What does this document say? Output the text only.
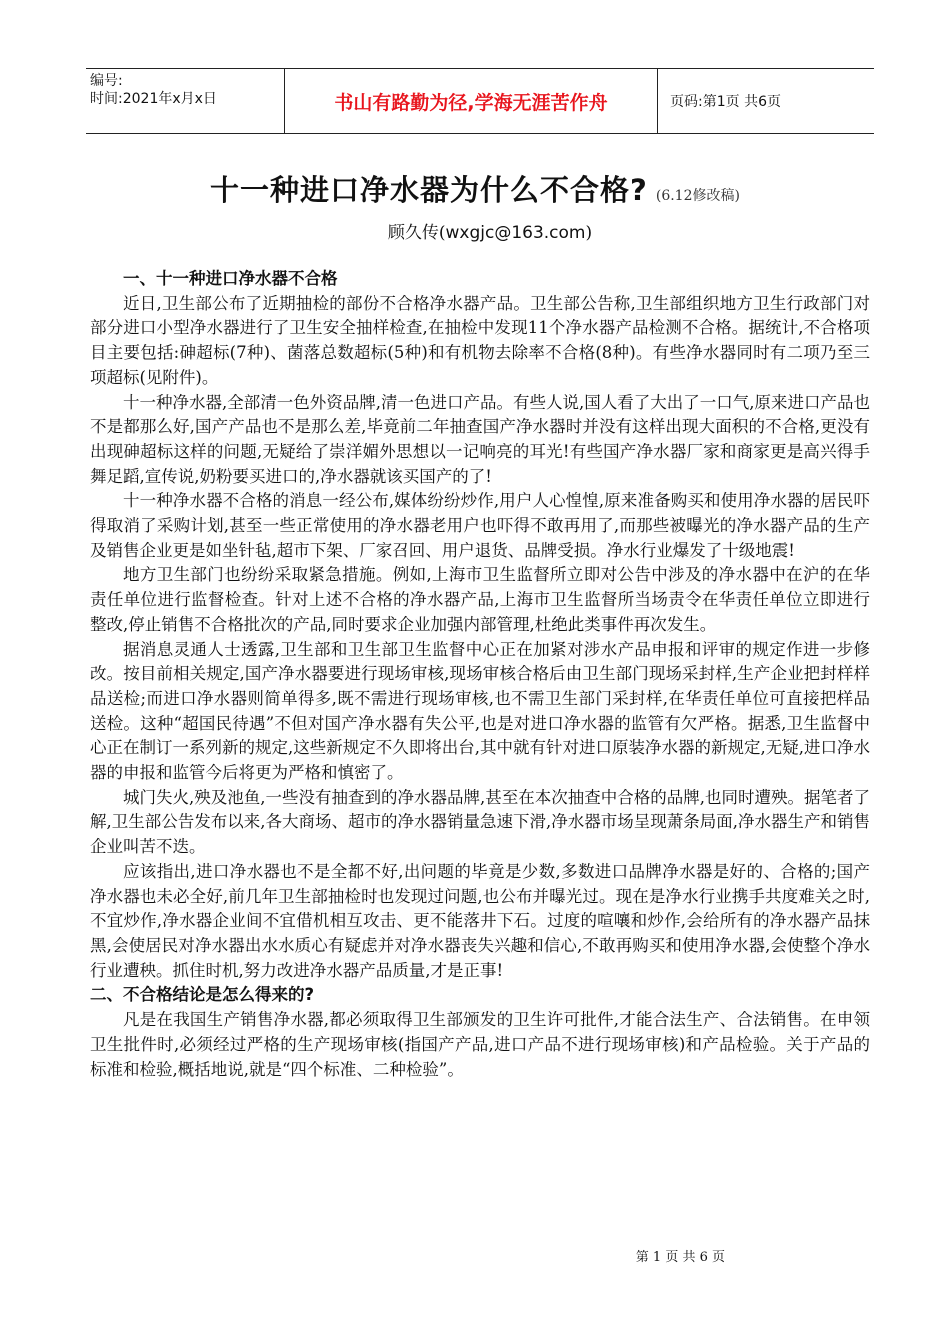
编号:
时间:2021年x月x日	书山有路勤为径,学海无涯苦作舟	页码:第1页 共6页
十一种进口净水器为什么不合格? (6.12修改稿)
顾久传(wxgjc@163.com)
一、十一种进口净水器不合格

近日,卫生部公布了近期抽检的部份不合格净水器产品。卫生部公告称,卫生部组织地方卫生行政部门对部分进口小型净水器进行了卫生安全抽样检查,在抽检中发现11个净水器产品检测不合格。据统计,不合格项目主要包括:砷超标(7种)、菌落总数超标(5种)和有机物去除率不合格(8种)。有些净水器同时有二项乃至三项超标(见附件)。

十一种净水器,全部清一色外资品牌,清一色进口产品。有些人说,国人看了大出了一口气,原来进口产品也不是都那么好,国产产品也不是那么差,毕竟前二年抽查国产净水器时并没有这样出现大面积的不合格,更没有出现砷超标这样的问题,无疑给了崇洋媚外思想以一记响亮的耳光!有些国产净水器厂家和商家更是高兴得手舞足蹈,宣传说,奶粉要买进口的,净水器就该买国产的了!

十一种净水器不合格的消息一经公布,媒体纷纷炒作,用户人心惶惶,原来准备购买和使用净水器的居民吓得取消了采购计划,甚至一些正常使用的净水器老用户也吓得不敢再用了,而那些被曝光的净水器产品的生产及销售企业更是如坐针毡,超市下架、厂家召回、用户退货、品牌受损。净水行业爆发了十级地震!

地方卫生部门也纷纷采取紧急措施。例如,上海市卫生监督所立即对公告中涉及的净水器中在沪的在华责任单位进行监督检查。针对上述不合格的净水器产品,上海市卫生监督所当场责令在华责任单位立即进行整改,停止销售不合格批次的产品,同时要求企业加强内部管理,杜绝此类事件再次发生。

据消息灵通人士透露,卫生部和卫生部卫生监督中心正在加紧对涉水产品申报和评审的规定作进一步修改。按目前相关规定,国产净水器要进行现场审核,现场审核合格后由卫生部门现场采封样,生产企业把封样样品送检;而进口净水器则简单得多,既不需进行现场审核,也不需卫生部门采封样,在华责任单位可直接把样品送检。这种“超国民待遇”不但对国产净水器有失公平,也是对进口净水器的监管有欠严格。据悉,卫生监督中心正在制订一系列新的规定,这些新规定不久即将出台,其中就有针对进口原装净水器的新规定,无疑,进口净水器的申报和监管今后将更为严格和慎密了。

城门失火,殃及池鱼,一些没有抽查到的净水器品牌,甚至在本次抽查中合格的品牌,也同时遭殃。据笔者了解,卫生部公告发布以来,各大商场、超市的净水器销量急速下滑,净水器市场呈现萧条局面,净水器生产和销售企业叫苦不迭。

应该指出,进口净水器也不是全都不好,出问题的毕竟是少数,多数进口品牌净水器是好的、合格的;国产净水器也未必全好,前几年卫生部抽检时也发现过问题,也公布并曝光过。现在是净水行业携手共度难关之时,不宜炒作,净水器企业间不宜借机相互攻击、更不能落井下石。过度的喧嚷和炒作,会给所有的净水器产品抹黑,会使居民对净水器出水水质心有疑虑并对净水器丧失兴趣和信心,不敢再购买和使用净水器,会使整个净水行业遭秧。抓住时机,努力改进净水器产品质量,才是正事!

二、不合格结论是怎么得来的?

凡是在我国生产销售净水器,都必须取得卫生部颁发的卫生许可批件,才能合法生产、合法销售。在申领卫生批件时,必须经过严格的生产现场审核(指国产产品,进口产品不进行现场审核)和产品检验。关于产品的标准和检验,概括地说,就是“四个标准、二种检验”。

第 1 页 共 6 页
